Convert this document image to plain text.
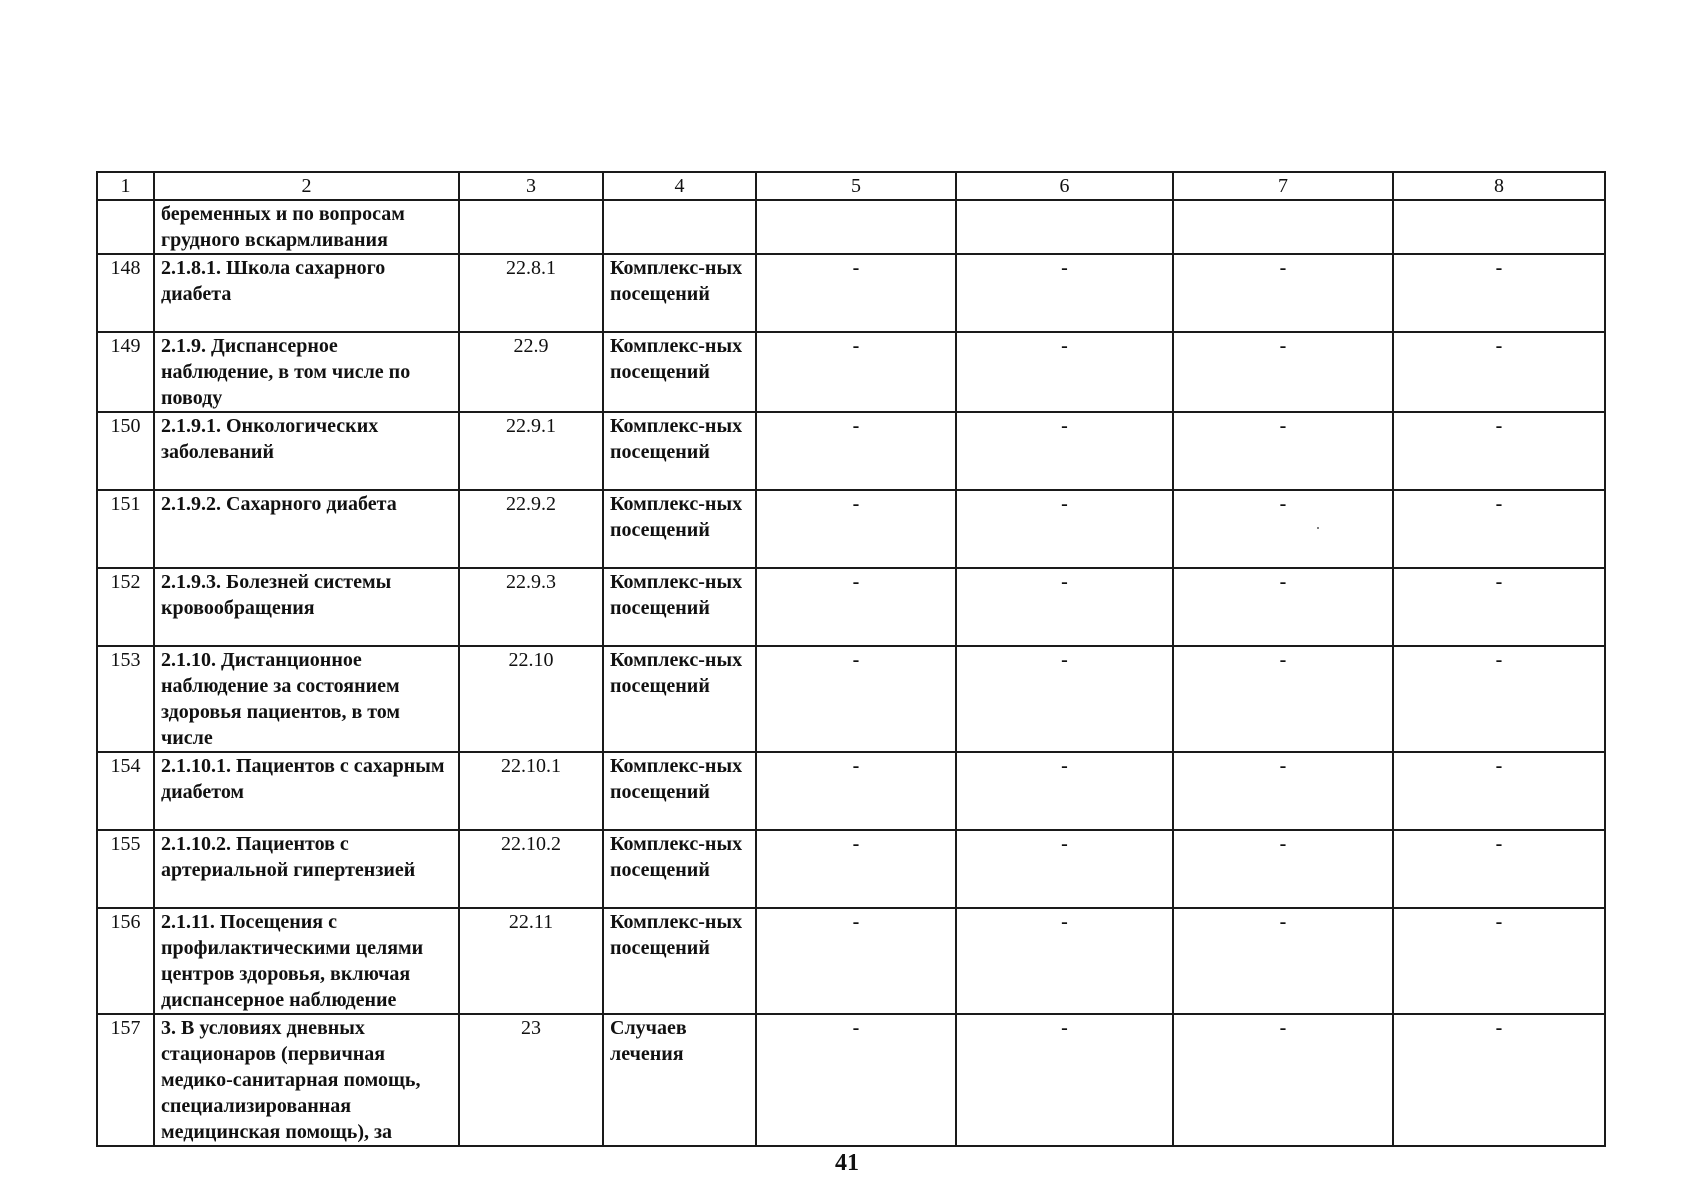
1	2	3	4	5	6	7	8
	беременных и по вопросам грудного вскармливания						
148	2.1.8.1. Школа сахарного диабета	22.8.1	Комплекс-ных посещений	-	-	-	-
149	2.1.9. Диспансерное наблюдение, в том числе по поводу	22.9	Комплекс-ных посещений	-	-	-	-
150	2.1.9.1. Онкологических заболеваний	22.9.1	Комплекс-ных посещений	-	-	-	-
151	2.1.9.2. Сахарного диабета	22.9.2	Комплекс-ных посещений	-	-	-	-
152	2.1.9.3. Болезней системы кровообращения	22.9.3	Комплекс-ных посещений	-	-	-	-
153	2.1.10. Дистанционное наблюдение за состоянием здоровья пациентов, в том числе	22.10	Комплекс-ных посещений	-	-	-	-
154	2.1.10.1. Пациентов с сахарным диабетом	22.10.1	Комплекс-ных посещений	-	-	-	-
155	2.1.10.2. Пациентов с артериальной гипертензией	22.10.2	Комплекс-ных посещений	-	-	-	-
156	2.1.11. Посещения с профилактическими целями центров здоровья, включая диспансерное наблюдение	22.11	Комплекс-ных посещений	-	-	-	-
157	3. В условиях дневных стационаров (первичная медико-санитарная помощь, специализированная медицинская помощь), за	23	Случаев лечения	-	-	-	-
41
